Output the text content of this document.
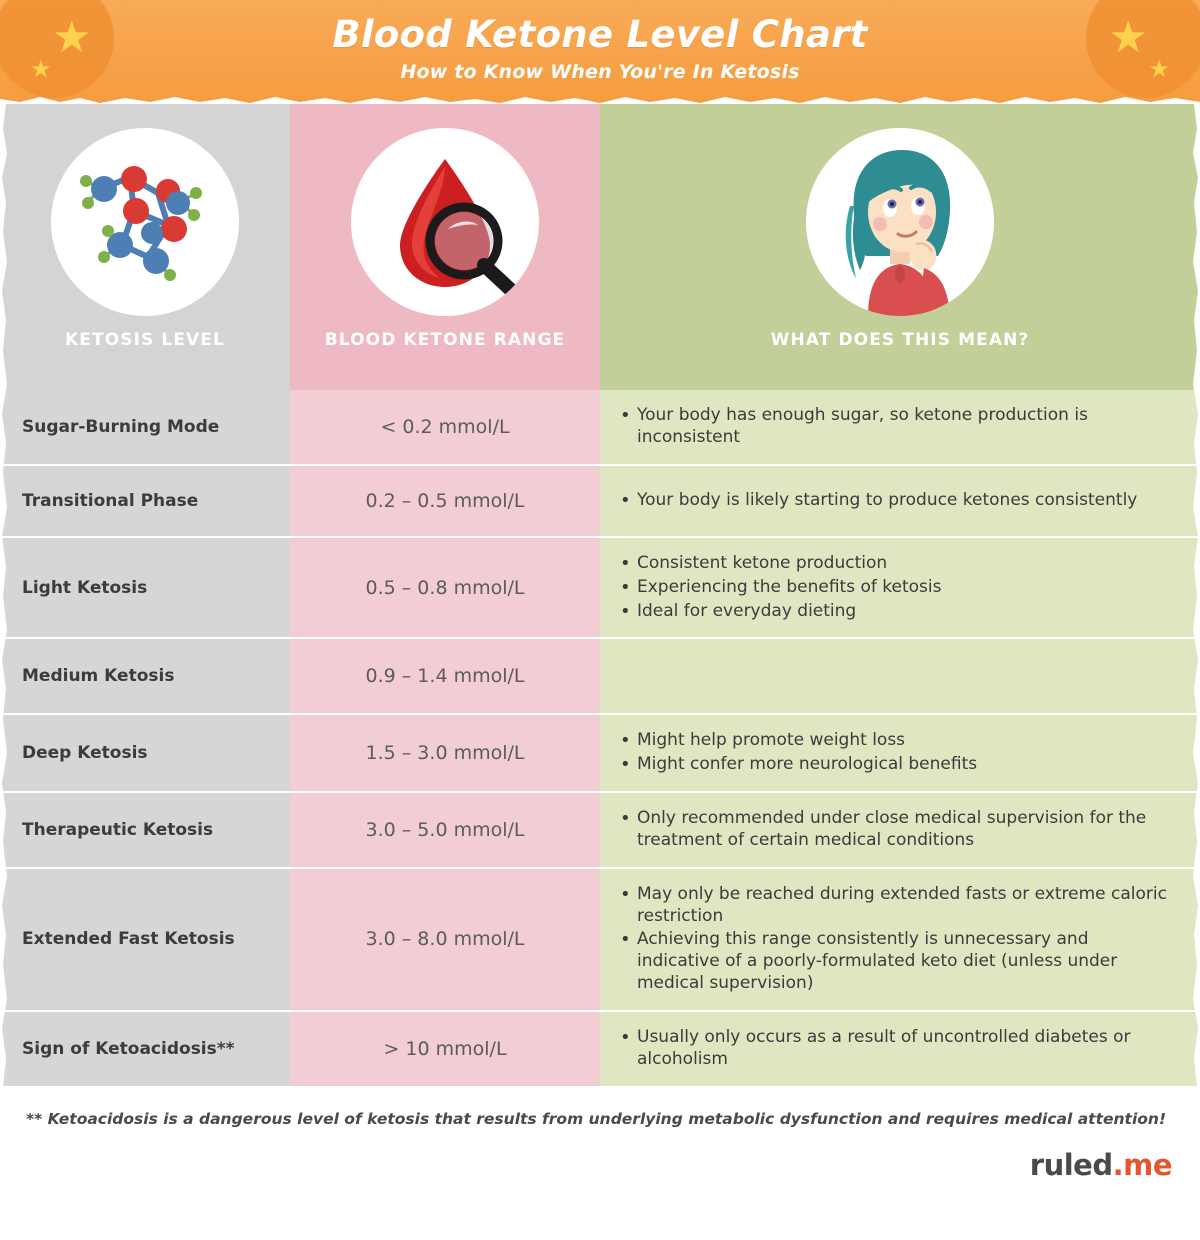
★
★
★
★
Blood Ketone Level Chart
How to Know When You're In Ketosis
KETOSIS LEVEL	BLOOD KETONE RANGE	WHAT DOES THIS MEAN?
Sugar-Burning Mode	< 0.2 mmol/L
• Your body has enough sugar, so ketone production is inconsistent
Transitional Phase	0.2 – 0.5 mmol/L	• Your body is likely starting to produce ketones consistently
Light Ketosis	0.5 – 0.8 mmol/L
• Consistent ketone production
• Experiencing the benefits of ketosis
• Ideal for everyday dieting
Medium Ketosis	0.9 – 1.4 mmol/L
Deep Ketosis	1.5 – 3.0 mmol/L
• Might help promote weight loss
• Might confer more neurological benefits
Therapeutic Ketosis	3.0 – 5.0 mmol/L
• Only recommended under close medical supervision for the treatment of certain medical conditions
Extended Fast Ketosis	3.0 – 8.0 mmol/L
• May only be reached during extended fasts or extreme caloric restriction
• Achieving this range consistently is unnecessary and indicative of a poorly-formulated keto diet (unless under medical supervision)
Sign of Ketoacidosis**	> 10 mmol/L
• Usually only occurs as a result of uncontrolled diabetes or alcoholism
** Ketoacidosis is a dangerous level of ketosis that results from underlying metabolic dysfunction and requires medical attention!
ruled.me
